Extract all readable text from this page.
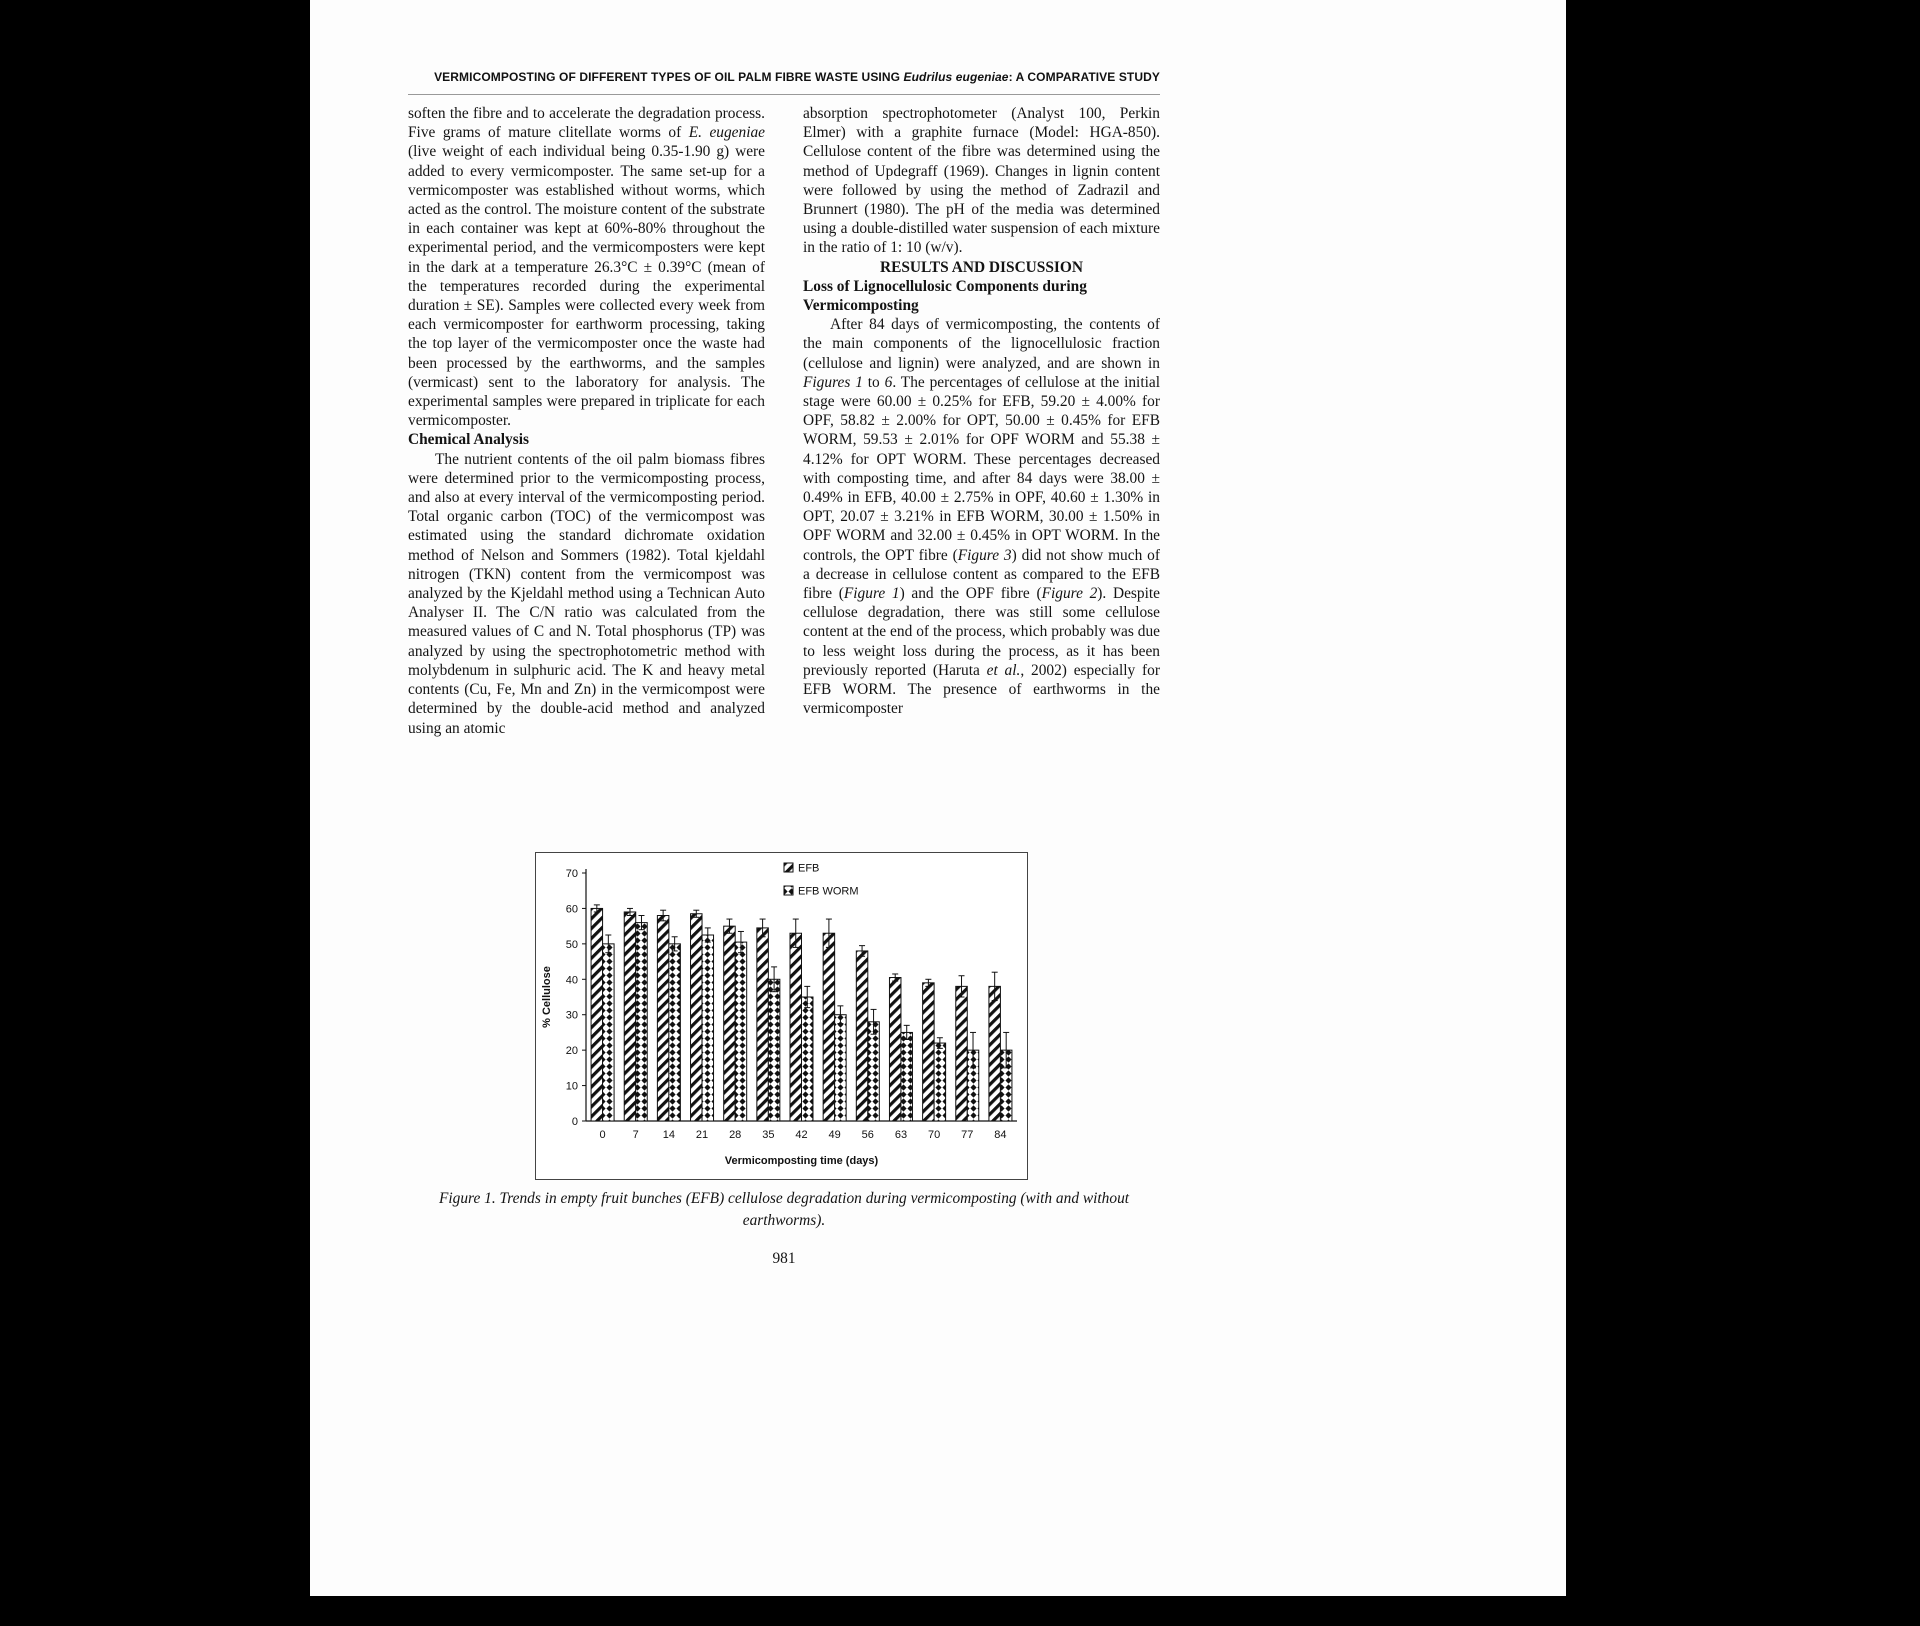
VERMICOMPOSTING OF DIFFERENT TYPES OF OIL PALM FIBRE WASTE USING Eudrilus eugeniae: A COMPARATIVE STUDY

soften the fibre and to accelerate the degradation process. Five grams of mature clitellate worms of E. eugeniae (live weight of each individual being 0.35-1.90 g) were added to every vermicomposter. The same set-up for a vermicomposter was established without worms, which acted as the control. The moisture content of the substrate in each container was kept at 60%-80% throughout the experimental period, and the vermicomposters were kept in the dark at a temperature 26.3°C ± 0.39°C (mean of the temperatures recorded during the experimental duration ± SE). Samples were collected every week from each vermicomposter for earthworm processing, taking the top layer of the vermicomposter once the waste had been processed by the earthworms, and the samples (vermicast) sent to the laboratory for analysis. The experimental samples were prepared in triplicate for each vermicomposter.

Chemical Analysis

The nutrient contents of the oil palm biomass fibres were determined prior to the vermicomposting process, and also at every interval of the vermicomposting period. Total organic carbon (TOC) of the vermicompost was estimated using the standard dichromate oxidation method of Nelson and Sommers (1982). Total kjeldahl nitrogen (TKN) content from the vermicompost was analyzed by the Kjeldahl method using a Technican Auto Analyser II. The C/N ratio was calculated from the measured values of C and N. Total phosphorus (TP) was analyzed by using the spectrophotometric method with molybdenum in sulphuric acid. The K and heavy metal contents (Cu, Fe, Mn and Zn) in the vermicompost were determined by the double-acid method and analyzed using an atomic

absorption spectrophotometer (Analyst 100, Perkin Elmer) with a graphite furnace (Model: HGA-850). Cellulose content of the fibre was determined using the method of Updegraff (1969). Changes in lignin content were followed by using the method of Zadrazil and Brunnert (1980). The pH of the media was determined using a double-distilled water suspension of each mixture in the ratio of 1: 10 (w/v).

RESULTS AND DISCUSSION

Loss of Lignocellulosic Components during Vermicomposting

After 84 days of vermicomposting, the contents of the main components of the lignocellulosic fraction (cellulose and lignin) were analyzed, and are shown in Figures 1 to 6. The percentages of cellulose at the initial stage were 60.00 ± 0.25% for EFB, 59.20 ± 4.00% for OPF, 58.82 ± 2.00% for OPT, 50.00 ± 0.45% for EFB WORM, 59.53 ± 2.01% for OPF WORM and 55.38 ± 4.12% for OPT WORM. These percentages decreased with composting time, and after 84 days were 38.00 ± 0.49% in EFB, 40.00 ± 2.75% in OPF, 40.60 ± 1.30% in OPT, 20.07 ± 3.21% in EFB WORM, 30.00 ± 1.50% in OPF WORM and 32.00 ± 0.45% in OPT WORM. In the controls, the OPT fibre (Figure 3) did not show much of a decrease in cellulose content as compared to the EFB fibre (Figure 1) and the OPF fibre (Figure 2). Despite cellulose degradation, there was still some cellulose content at the end of the process, which probably was due to less weight loss during the process, as it has been previously reported (Haruta et al., 2002) especially for EFB WORM. The presence of earthworms in the vermicomposter

0
10
20
30
40
50
60
70
0 7 14 21 28 35 42 49 56 63 70 77 84
Vermicomposting time (days)
% Cellulose
EFB
EFB WORM
Figure 1. Trends in empty fruit bunches (EFB) cellulose degradation during vermicomposting (with and without earthworms).
981
